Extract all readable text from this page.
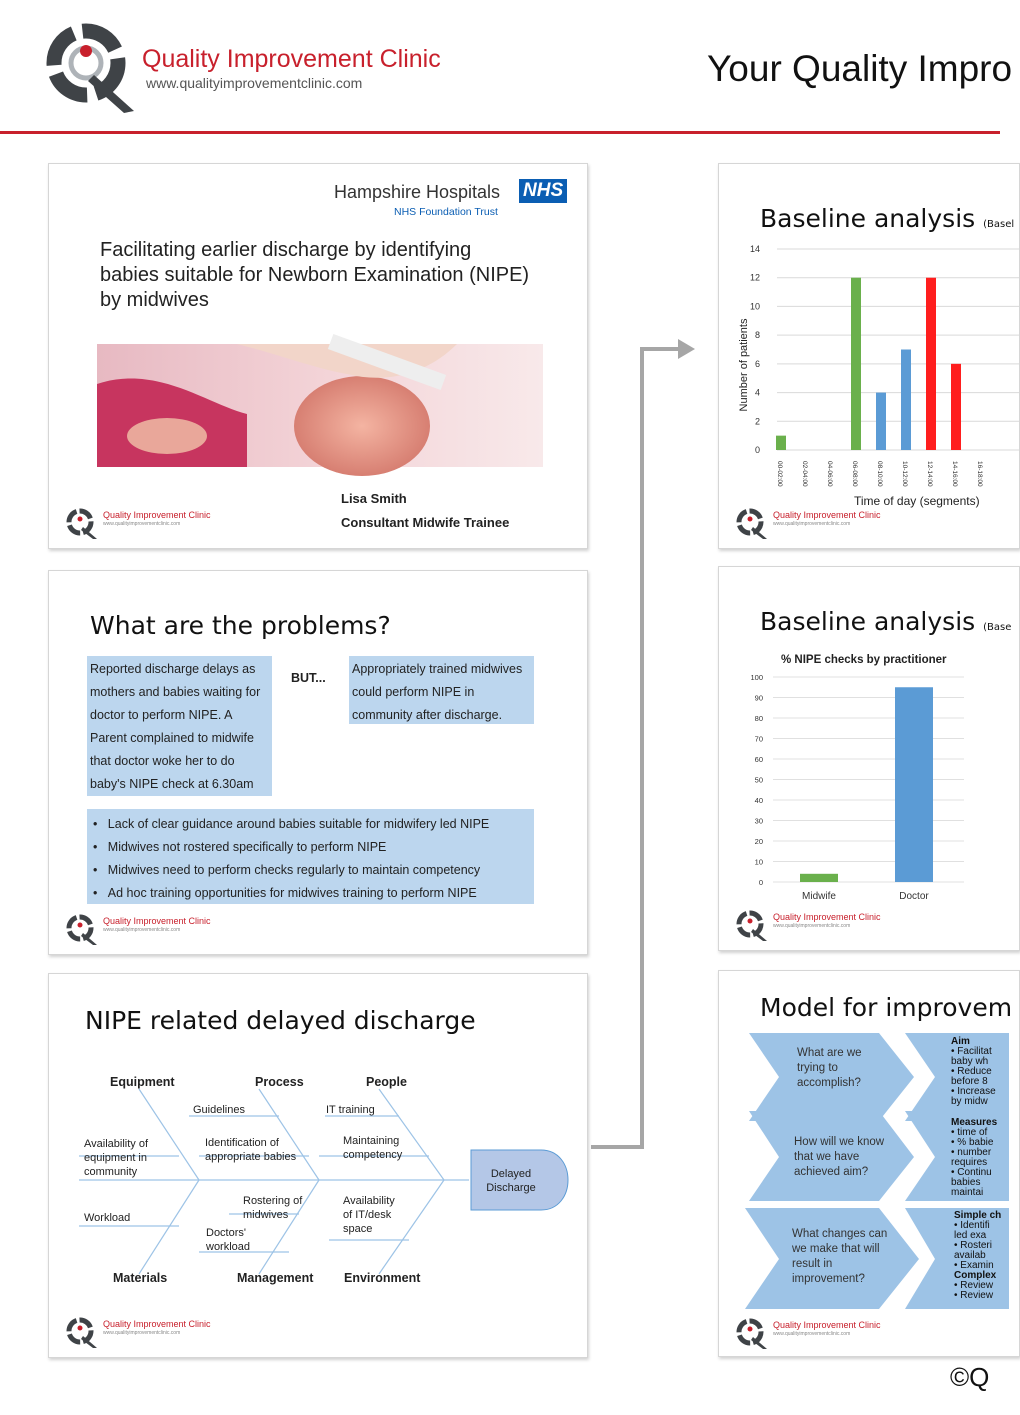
Quality Improvement Clinic
www.qualityimprovementclinic.com	Your Quality Impro
Hampshire Hospitals NHS
NHS Foundation Trust
Facilitating earlier discharge by identifying
babies suitable for Newborn Examination (NIPE)
by midwives
Lisa Smith
Consultant Midwife Trainee
Quality Improvement Clinic
www.qualityimprovementclinic.com
What are the problems?
Reported discharge delays as
mothers and babies waiting for
doctor to perform NIPE. A
Parent complained to midwife
that doctor woke her to do
baby's NIPE check at 6.30am
BUT...
Appropriately trained midwives
could perform NIPE in
community after discharge.
•   Lack of clear guidance around babies suitable for midwifery led NIPE
•   Midwives not rostered specifically to perform NIPE
•   Midwives need to perform checks regularly to maintain competency
•   Ad hoc training opportunities for midwives training to perform NIPE
Quality Improvement Clinic
www.qualityimprovementclinic.com
NIPE related delayed discharge
Equipment	Process	People
Materials	Management Environment
Guidelines	IT training
Availability of
equipment in
community
Identification of
appropriate babies
Maintaining
competency
Workload
Rostering of
midwives
Doctors'
workload
Availability
of IT/desk
space
Delayed
Discharge
Quality Improvement Clinic
www.qualityimprovementclinic.com
Baseline analysis (Basel
0
2
4
6
8
10
12
14
00-02:00	02-04:00	04-06:00	06-08:00	08-10:00	10-12:00	12-14:00	14-16:00	16-18:00
Number of patients
Time of day (segments)
Quality Improvement Clinic
www.qualityimprovementclinic.com
Baseline analysis (Base
% NIPE checks by practitioner
0
10
20
30
40
50
60
70
80
90
100
Midwife	Doctor
Quality Improvement Clinic
www.qualityimprovementclinic.com
Model for improvem
What are we
trying to
accomplish?
How will we know
that we have
achieved aim?
What changes can
we make that will
result in
improvement?
Aim
• Facilitat
baby wh
• Reduce
before 8
• Increase
by midw
Measures
• time of
• % babie
• number
requires
• Continu
babies
maintai
Simple ch
• Identifi
led exa
• Rosteri
availab
• Examin
Complex
• Review
• Review
Quality Improvement Clinic
www.qualityimprovementclinic.com
©Q
